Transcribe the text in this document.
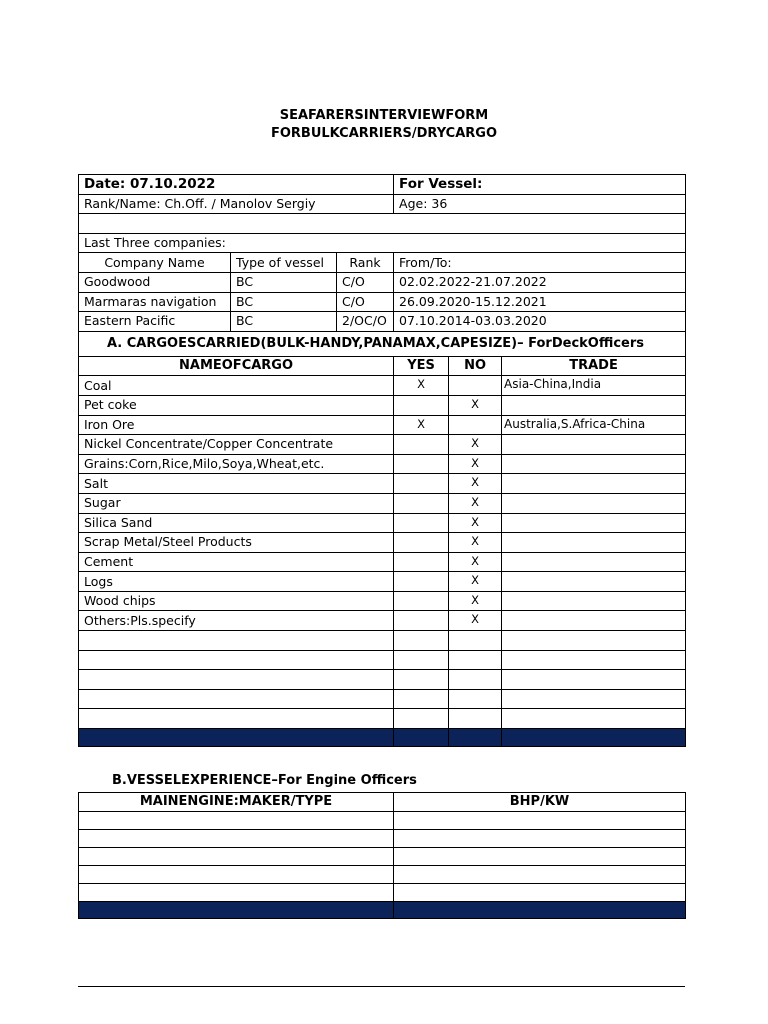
SEAFARERSINTERVIEWFORM
FORBULKCARRIERS/DRYCARGO
Date: 07.10.2022			For Vessel:		
Rank/Name: Ch.Off. / Manolov Sergiy			Age: 36		

Last Three companies:					
Company Name	Type of vessel	Rank	From/To:		
Goodwood	BC	C/O	02.02.2022-21.07.2022		
Marmaras navigation	BC	C/O	26.09.2020-15.12.2021		
Eastern Pacific	BC	2/OC/O	07.10.2014-03.03.2020		
A. CARGOESCARRIED(BULK-HANDY,PANAMAX,CAPESIZE)– ForDeckOfficers					
NAMEOFCARGO			YES	NO	TRADE
Coal			X		Asia-China,India
Pet coke				X	
Iron Ore			X		Australia,S.Africa-China
Nickel Concentrate/Copper Concentrate				X	
Grains:Corn,Rice,Milo,Soya,Wheat,etc.				X	
Salt				X	
Sugar				X	
Silica Sand				X	
Scrap Metal/Steel Products				X	
Cement				X	
Logs				X	
Wood chips				X	
Others:Pls.specify				X	

B.VESSELEXPERIENCE–For Engine Officers
MAINENGINE:MAKER/TYPE	BHP/KW
